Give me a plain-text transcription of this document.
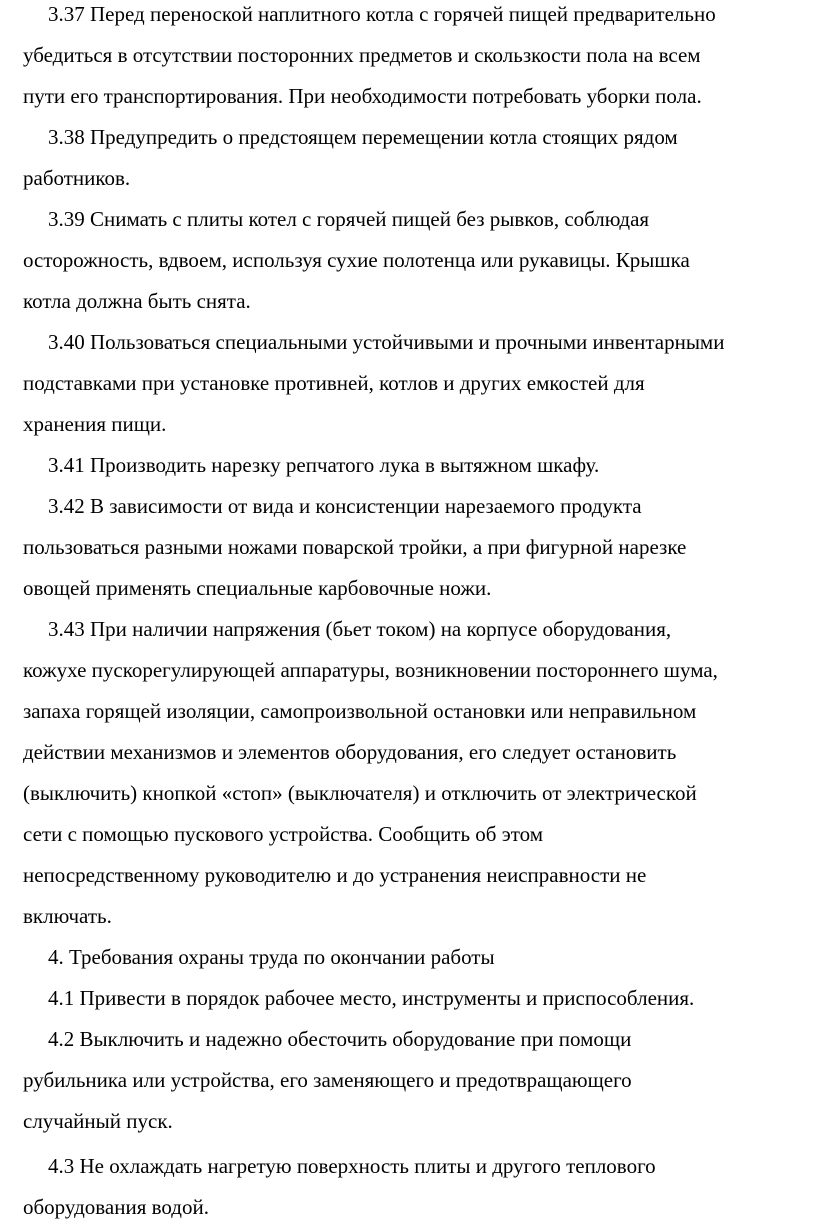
3.37 Перед переноской наплитного котла с горячей пищей предварительно
убедиться в отсутствии посторонних предметов и скользкости пола на всем
пути его транспортирования. При необходимости потребовать уборки пола.

3.38 Предупредить о предстоящем перемещении котла стоящих рядом
работников.

3.39 Снимать с плиты котел с горячей пищей без рывков, соблюдая
осторожность, вдвоем, используя сухие полотенца или рукавицы. Крышка
котла должна быть снята.

3.40 Пользоваться специальными устойчивыми и прочными инвентарными
подставками при установке противней, котлов и других емкостей для
хранения пищи.

3.41 Производить нарезку репчатого лука в вытяжном шкафу.

3.42 В зависимости от вида и консистенции нарезаемого продукта
пользоваться разными ножами поварской тройки, а при фигурной нарезке
овощей применять специальные карбовочные ножи.

3.43 При наличии напряжения (бьет током) на корпусе оборудования,
кожухе пускорегулирующей аппаратуры, возникновении постороннего шума,
запаха горящей изоляции, самопроизвольной остановки или неправильном
действии механизмов и элементов оборудования, его следует остановить
(выключить) кнопкой «стоп» (выключателя) и отключить от электрической
сети с помощью пускового устройства. Сообщить об этом
непосредственному руководителю и до устранения неисправности не
включать.

4. Требования охраны труда по окончании работы

4.1 Привести в порядок рабочее место, инструменты и приспособления.

4.2 Выключить и надежно обесточить оборудование при помощи
рубильника или устройства, его заменяющего и предотвращающего
случайный пуск.

4.3 Не охлаждать нагретую поверхность плиты и другого теплового
оборудования водой.
